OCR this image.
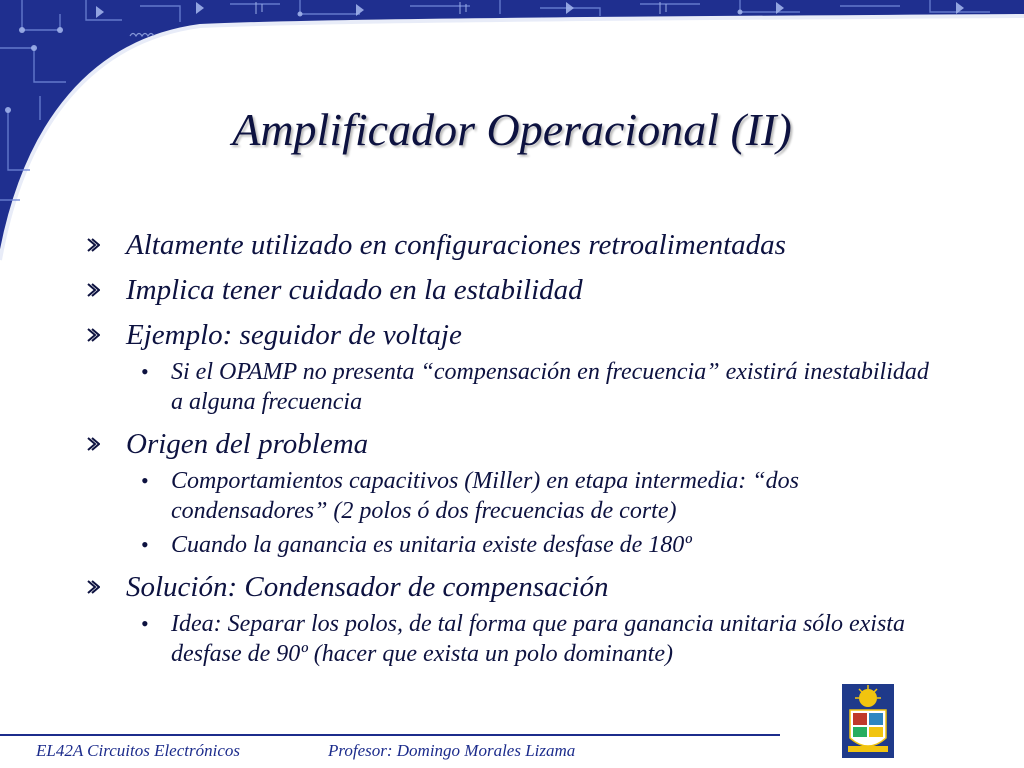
Amplificador Operacional (II)
Altamente utilizado en configuraciones retroalimentadas
Implica tener cuidado en la estabilidad
Ejemplo: seguidor de voltaje
• Si el OPAMP no presenta “compensación en frecuencia” existirá inestabilidad a alguna frecuencia
Origen del problema
• Comportamientos capacitivos (Miller) en etapa intermedia: “dos condensadores” (2 polos ó dos frecuencias de corte)
• Cuando la ganancia es unitaria existe desfase de 180º
Solución: Condensador de compensación
• Idea: Separar los polos, de tal forma que para ganancia unitaria sólo exista desfase de 90º (hacer que exista un polo dominante)
EL42A Circuitos Electrónicos	Profesor: Domingo Morales Lizama
